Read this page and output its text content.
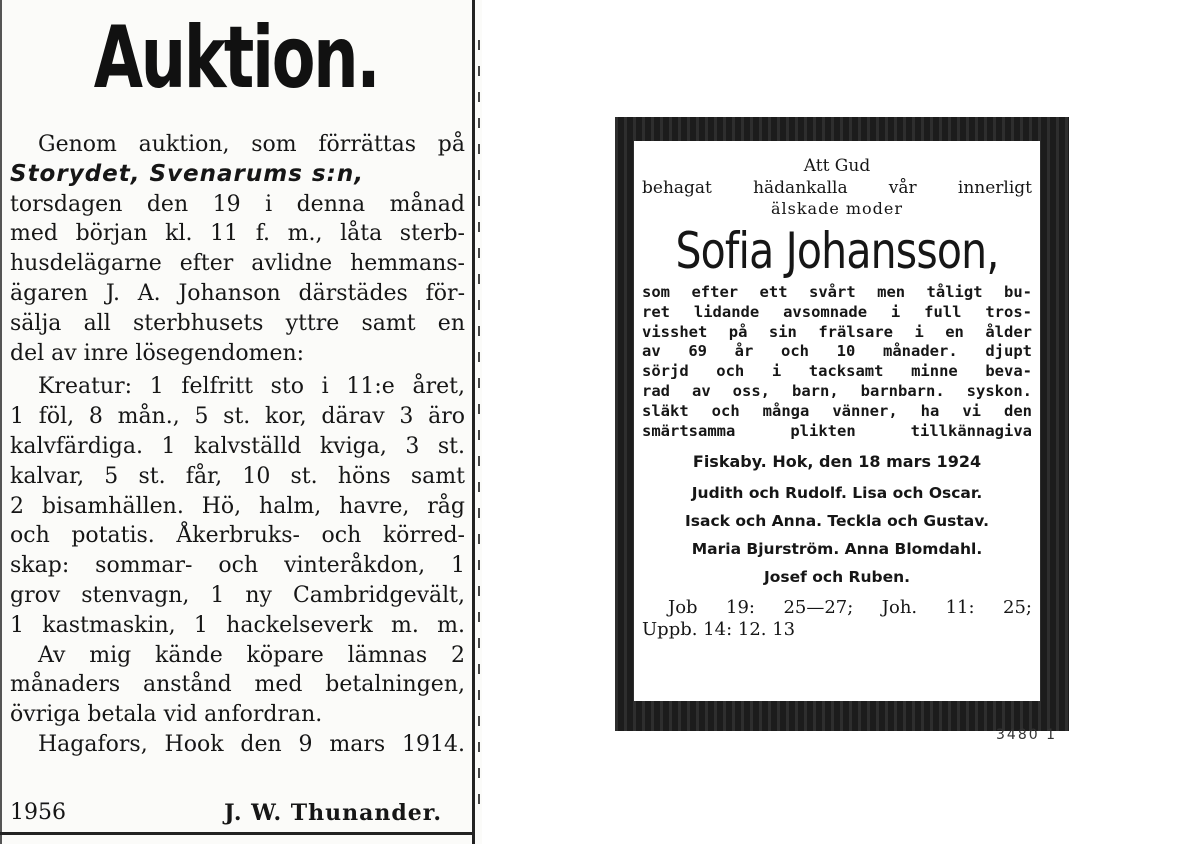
Auktion.
Genom auktion, som förrättas på
Storydet, Svenarums s:n,
torsdagen den 19 i denna månad
med början kl. 11 f. m., låta sterb-
husdelägarne efter avlidne hemmans-
ägaren J. A. Johanson därstädes för-
sälja all sterbhusets yttre samt en
del av inre lösegendomen:
Kreatur: 1 felfritt sto i 11:e året,
1 föl, 8 mån., 5 st. kor, därav 3 äro
kalvfärdiga. 1 kalvställd kviga, 3 st.
kalvar, 5 st. får, 10 st. höns samt
2 bisamhällen. Hö, halm, havre, råg
och potatis. Åkerbruks- och körred-
skap: sommar- och vinteråkdon, 1
grov stenvagn, 1 ny Cambridgevält,
1 kastmaskin, 1 hackelseverk m. m.
Av mig kände köpare lämnas 2
månaders anstånd med betalningen,
övriga betala vid anfordran.
Hagafors, Hook den 9 mars 1914.
1956	J. W. Thunander.
Att Gud
behagat hädankalla vår innerligt
älskade moder
Sofia Johansson,
som efter ett svårt men tåligt bu-
ret lidande avsomnade i full tros-
visshet på sin frälsare i en ålder
av 69 år och 10 månader. djupt
sörjd och i tacksamt minne beva-
rad av oss, barn, barnbarn. syskon.
släkt och många vänner, ha vi den
smärtsamma plikten tillkännagiva
Fiskaby. Hok, den 18 mars 1924
Judith och Rudolf. Lisa och Oscar.
Isack och Anna. Teckla och Gustav.
Maria Bjurström. Anna Blomdahl.
Josef och Ruben.
Job 19: 25—27; Joh. 11: 25;
Uppb. 14: 12. 13
3480 1
